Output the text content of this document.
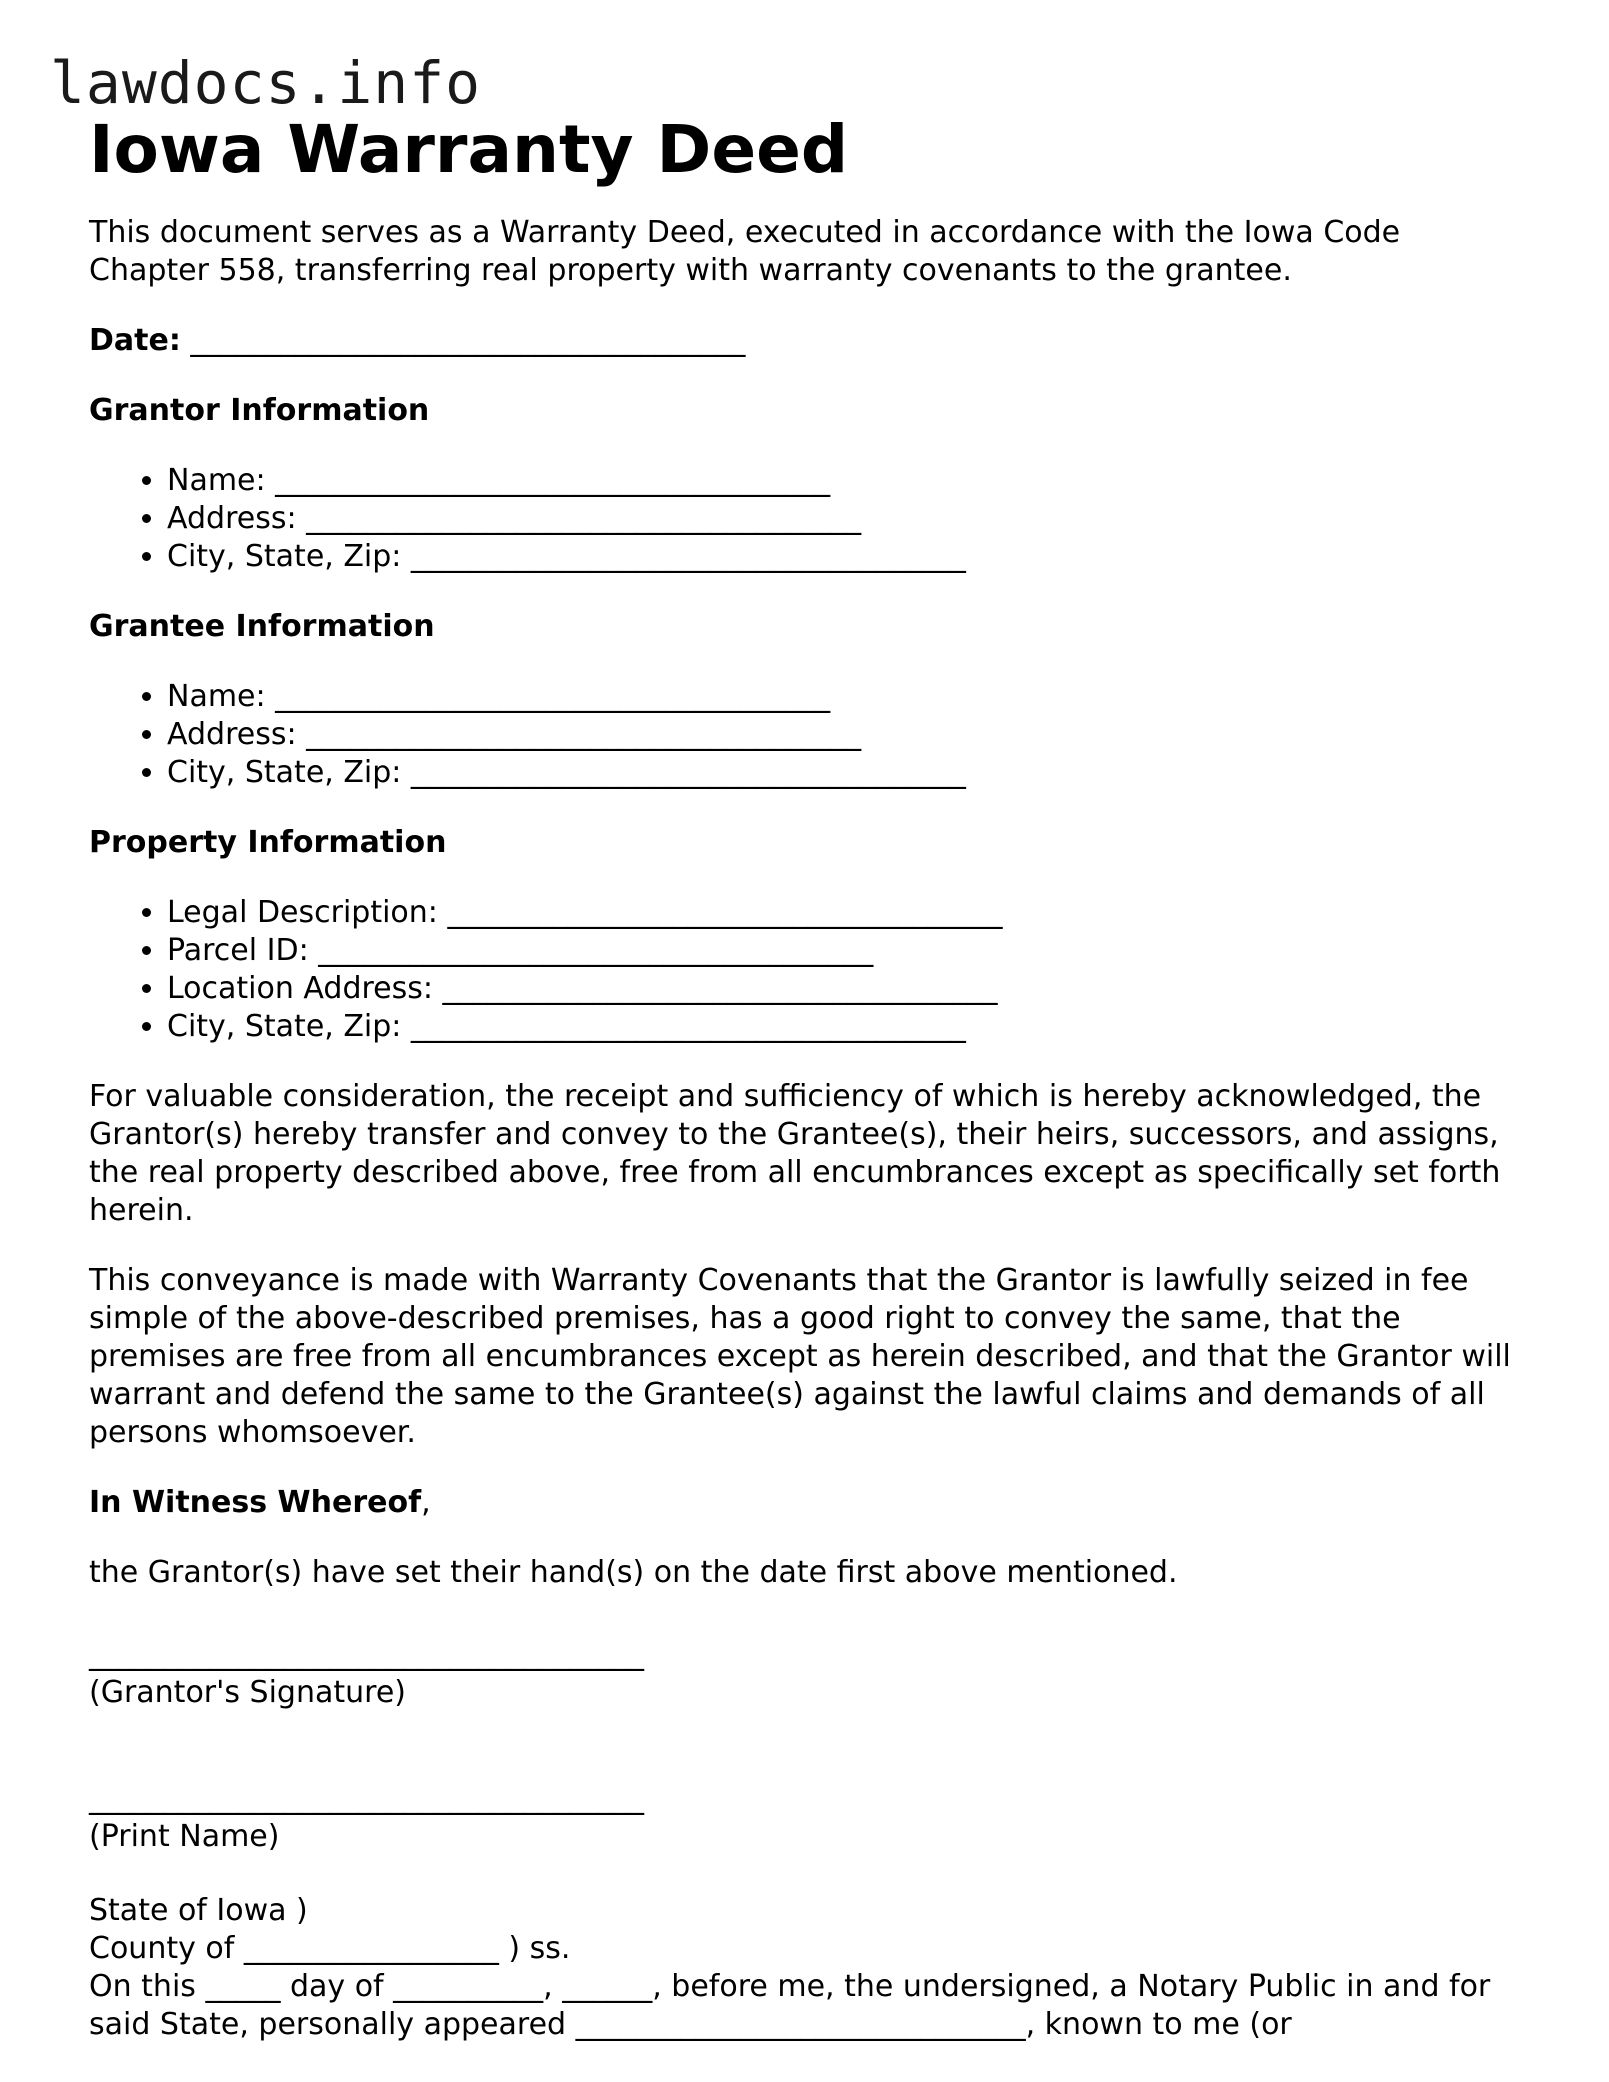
lawdocs.info
Iowa Warranty Deed

This document serves as a Warranty Deed, executed in accordance with the Iowa Code Chapter 558, transferring real property with warranty covenants to the grantee.

Date: _____________________________________

Grantor Information

• Name: _____________________________________
• Address: _____________________________________
• City, State, Zip: _____________________________________

Grantee Information

• Name: _____________________________________
• Address: _____________________________________
• City, State, Zip: _____________________________________

Property Information

• Legal Description: _____________________________________
• Parcel ID: _____________________________________
• Location Address: _____________________________________
• City, State, Zip: _____________________________________

For valuable consideration, the receipt and sufficiency of which is hereby acknowledged, the Grantor(s) hereby transfer and convey to the Grantee(s), their heirs, successors, and assigns, the real property described above, free from all encumbrances except as specifically set forth herein.

This conveyance is made with Warranty Covenants that the Grantor is lawfully seized in fee simple of the above-described premises, has a good right to convey the same, that the premises are free from all encumbrances except as herein described, and that the Grantor will warrant and defend the same to the Grantee(s) against the lawful claims and demands of all persons whomsoever.

In Witness Whereof,

the Grantor(s) have set their hand(s) on the date first above mentioned.

_____________________________________

(Grantor's Signature)

_____________________________________

(Print Name)

State of Iowa )

County of _________________ ) ss.

On this _____ day of __________, ______, before me, the undersigned, a Notary Public in and for said State, personally appeared ______________________________, known to me (or
